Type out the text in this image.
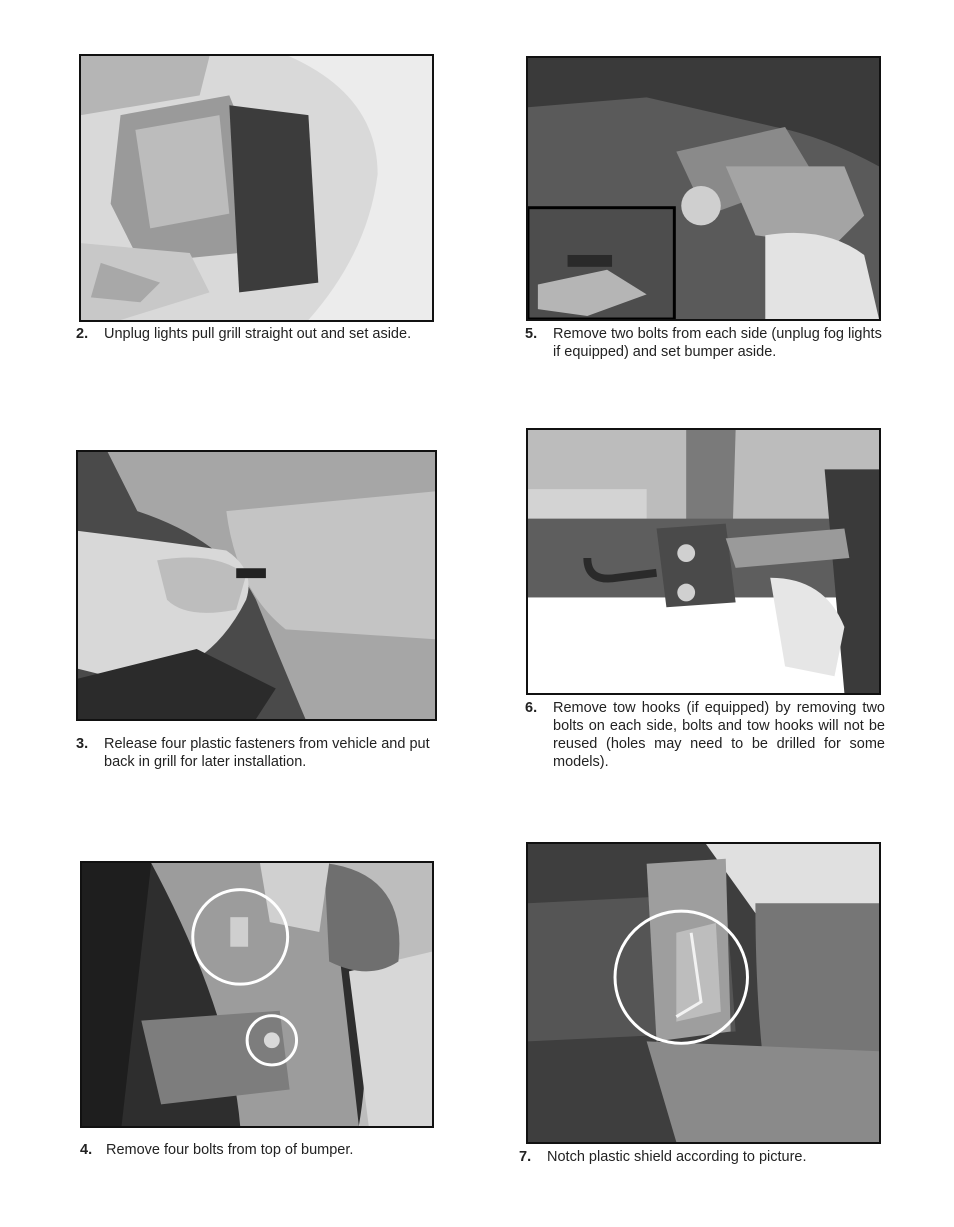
2.	Unplug lights pull grill straight out and set aside.
3.	Release four plastic fasteners from vehicle and put back in grill for later installation.
4. Remove four bolts from top of bumper.
5.	Remove two bolts from each side (unplug fog lights if equipped) and set bumper aside.
6.	Remove tow hooks (if equipped) by removing two bolts on each side, bolts and tow hooks will not be reused (holes may need to be drilled for some models).
7.	Notch plastic shield according to picture.
